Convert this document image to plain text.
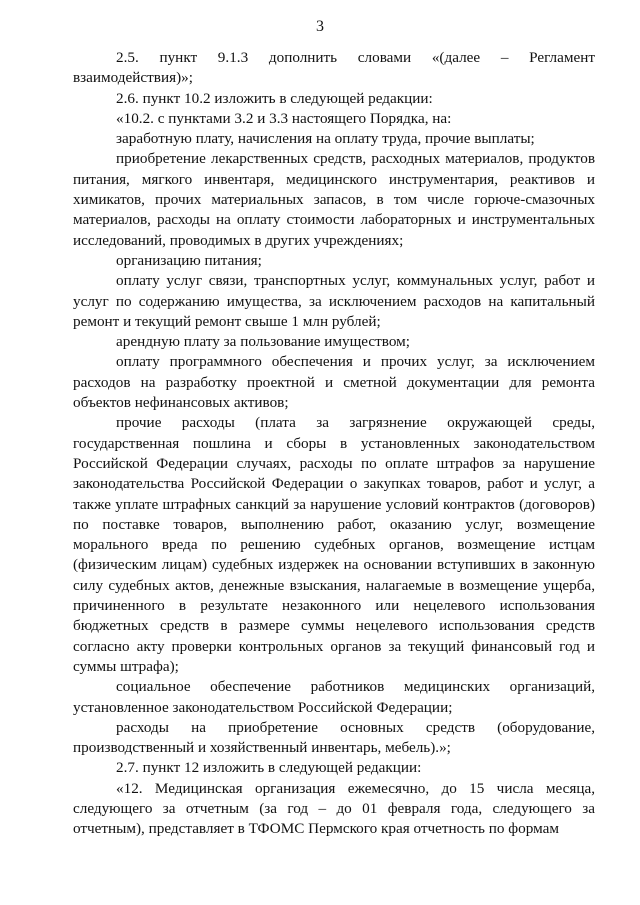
3

2.5. пункт 9.1.3 дополнить словами «(далее – Регламент взаимодействия)»;

2.6. пункт 10.2 изложить в следующей редакции:

«10.2. с пунктами 3.2 и 3.3 настоящего Порядка, на:

заработную плату, начисления на оплату труда, прочие выплаты;

приобретение лекарственных средств, расходных материалов, продуктов питания, мягкого инвентаря, медицинского инструментария, реактивов и химикатов, прочих материальных запасов, в том числе горюче-смазочных материалов, расходы на оплату стоимости лабораторных и инструментальных исследований, проводимых в других учреждениях;

организацию питания;

оплату услуг связи, транспортных услуг, коммунальных услуг, работ и услуг по содержанию имущества, за исключением расходов на капитальный ремонт и текущий ремонт свыше 1 млн рублей;

арендную плату за пользование имуществом;

оплату программного обеспечения и прочих услуг, за исключением расходов на разработку проектной и сметной документации для ремонта объектов нефинансовых активов;

прочие расходы (плата за загрязнение окружающей среды, государственная пошлина и сборы в установленных законодательством Российской Федерации случаях, расходы по оплате штрафов за нарушение законодательства Российской Федерации о закупках товаров, работ и услуг, а также уплате штрафных санкций за нарушение условий контрактов (договоров) по поставке товаров, выполнению работ, оказанию услуг, возмещение морального вреда по решению судебных органов, возмещение истцам (физическим лицам) судебных издержек на основании вступивших в законную силу судебных актов, денежные взыскания, налагаемые в возмещение ущерба, причиненного в результате незаконного или нецелевого использования бюджетных средств в размере суммы нецелевого использования средств согласно акту проверки контрольных органов за текущий финансовый год и суммы штрафа);

социальное обеспечение работников медицинских организаций, установленное законодательством Российской Федерации;

расходы на приобретение основных средств (оборудование, производственный и хозяйственный инвентарь, мебель).»;

2.7. пункт 12 изложить в следующей редакции:

«12. Медицинская организация ежемесячно, до 15 числа месяца, следующего за отчетным (за год – до 01 февраля года, следующего за отчетным), представляет в ТФОМС Пермского края отчетность по формам
